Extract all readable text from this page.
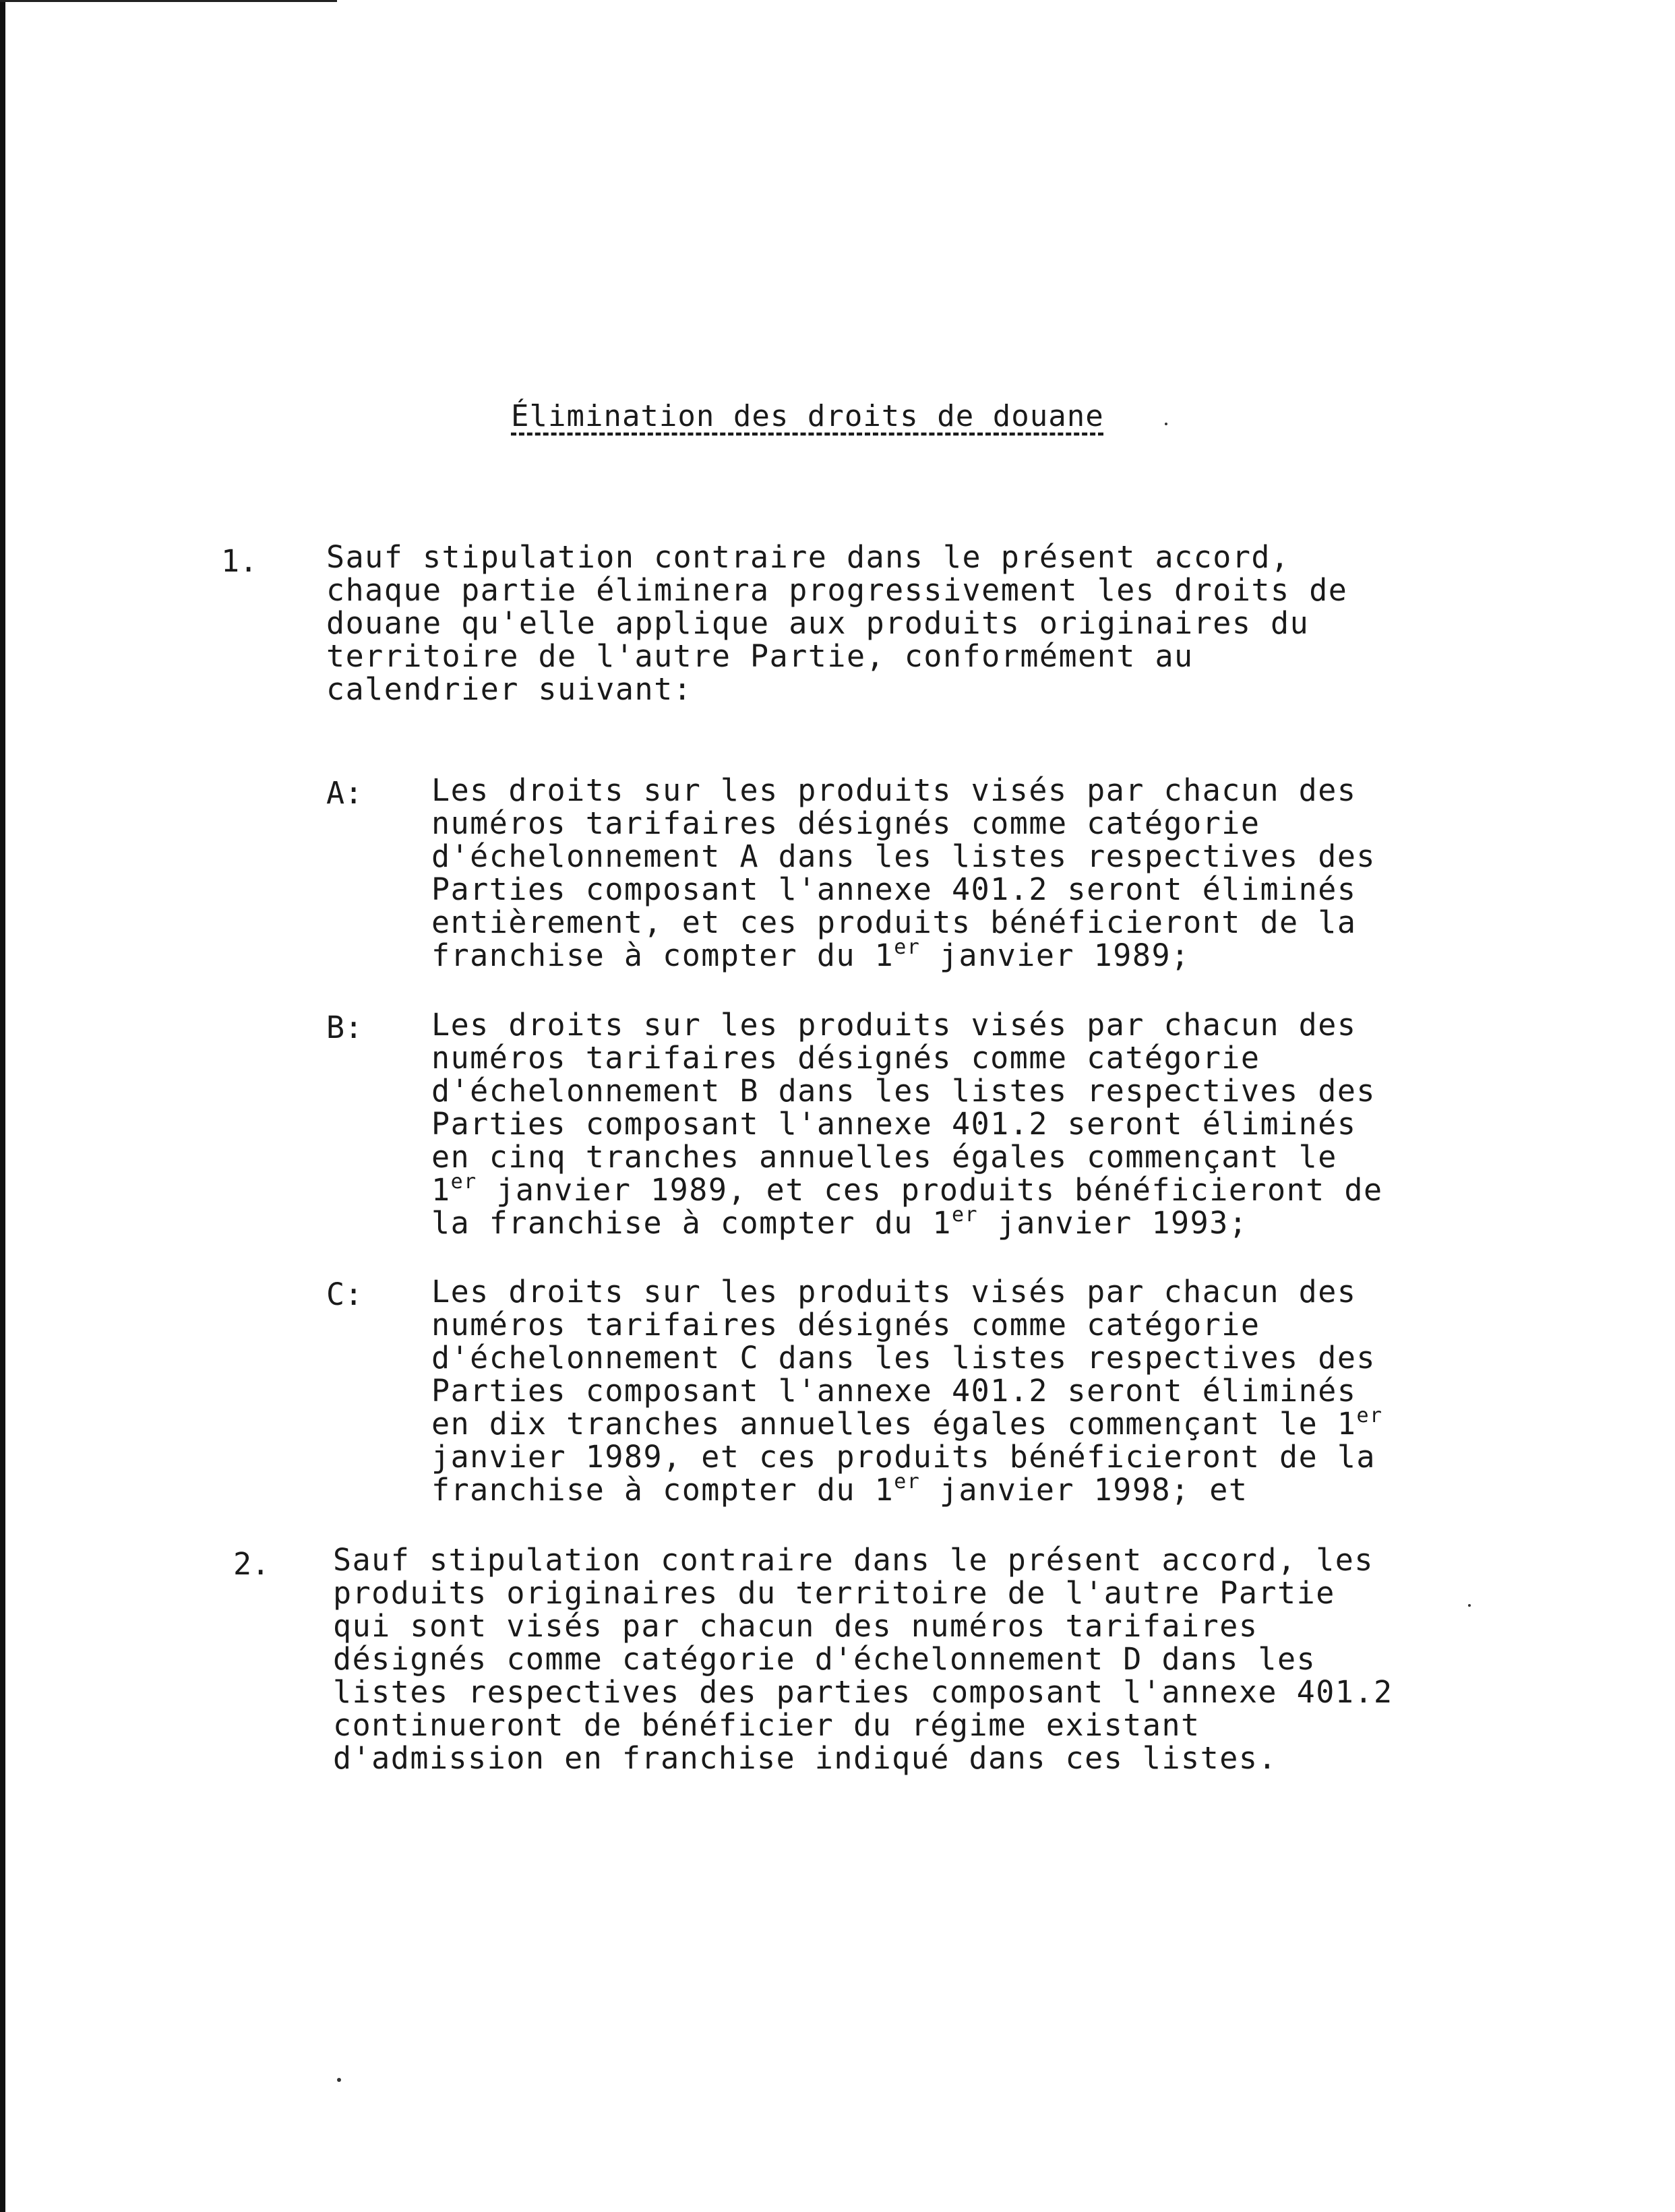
Élimination des droits de douane
1. Sauf stipulation contraire dans le présent accord,
chaque partie éliminera progressivement les droits de
douane qu'elle applique aux produits originaires du
territoire de l'autre Partie, conformément au
calendrier suivant:
A: Les droits sur les produits visés par chacun des
numéros tarifaires désignés comme catégorie
d'échelonnement A dans les listes respectives des
Parties composant l'annexe 401.2 seront éliminés
entièrement, et ces produits bénéficieront de la
franchise à compter du 1er janvier 1989;
B: Les droits sur les produits visés par chacun des
numéros tarifaires désignés comme catégorie
d'échelonnement B dans les listes respectives des
Parties composant l'annexe 401.2 seront éliminés
en cinq tranches annuelles égales commençant le
1er janvier 1989, et ces produits bénéficieront de
la franchise à compter du 1er janvier 1993;
C: Les droits sur les produits visés par chacun des
numéros tarifaires désignés comme catégorie
d'échelonnement C dans les listes respectives des
Parties composant l'annexe 401.2 seront éliminés
en dix tranches annuelles égales commençant le 1er
janvier 1989, et ces produits bénéficieront de la
franchise à compter du 1er janvier 1998; et
2. Sauf stipulation contraire dans le présent accord, les
produits originaires du territoire de l'autre Partie
qui sont visés par chacun des numéros tarifaires
désignés comme catégorie d'échelonnement D dans les
listes respectives des parties composant l'annexe 401.2
continueront de bénéficier du régime existant
d'admission en franchise indiqué dans ces listes.
